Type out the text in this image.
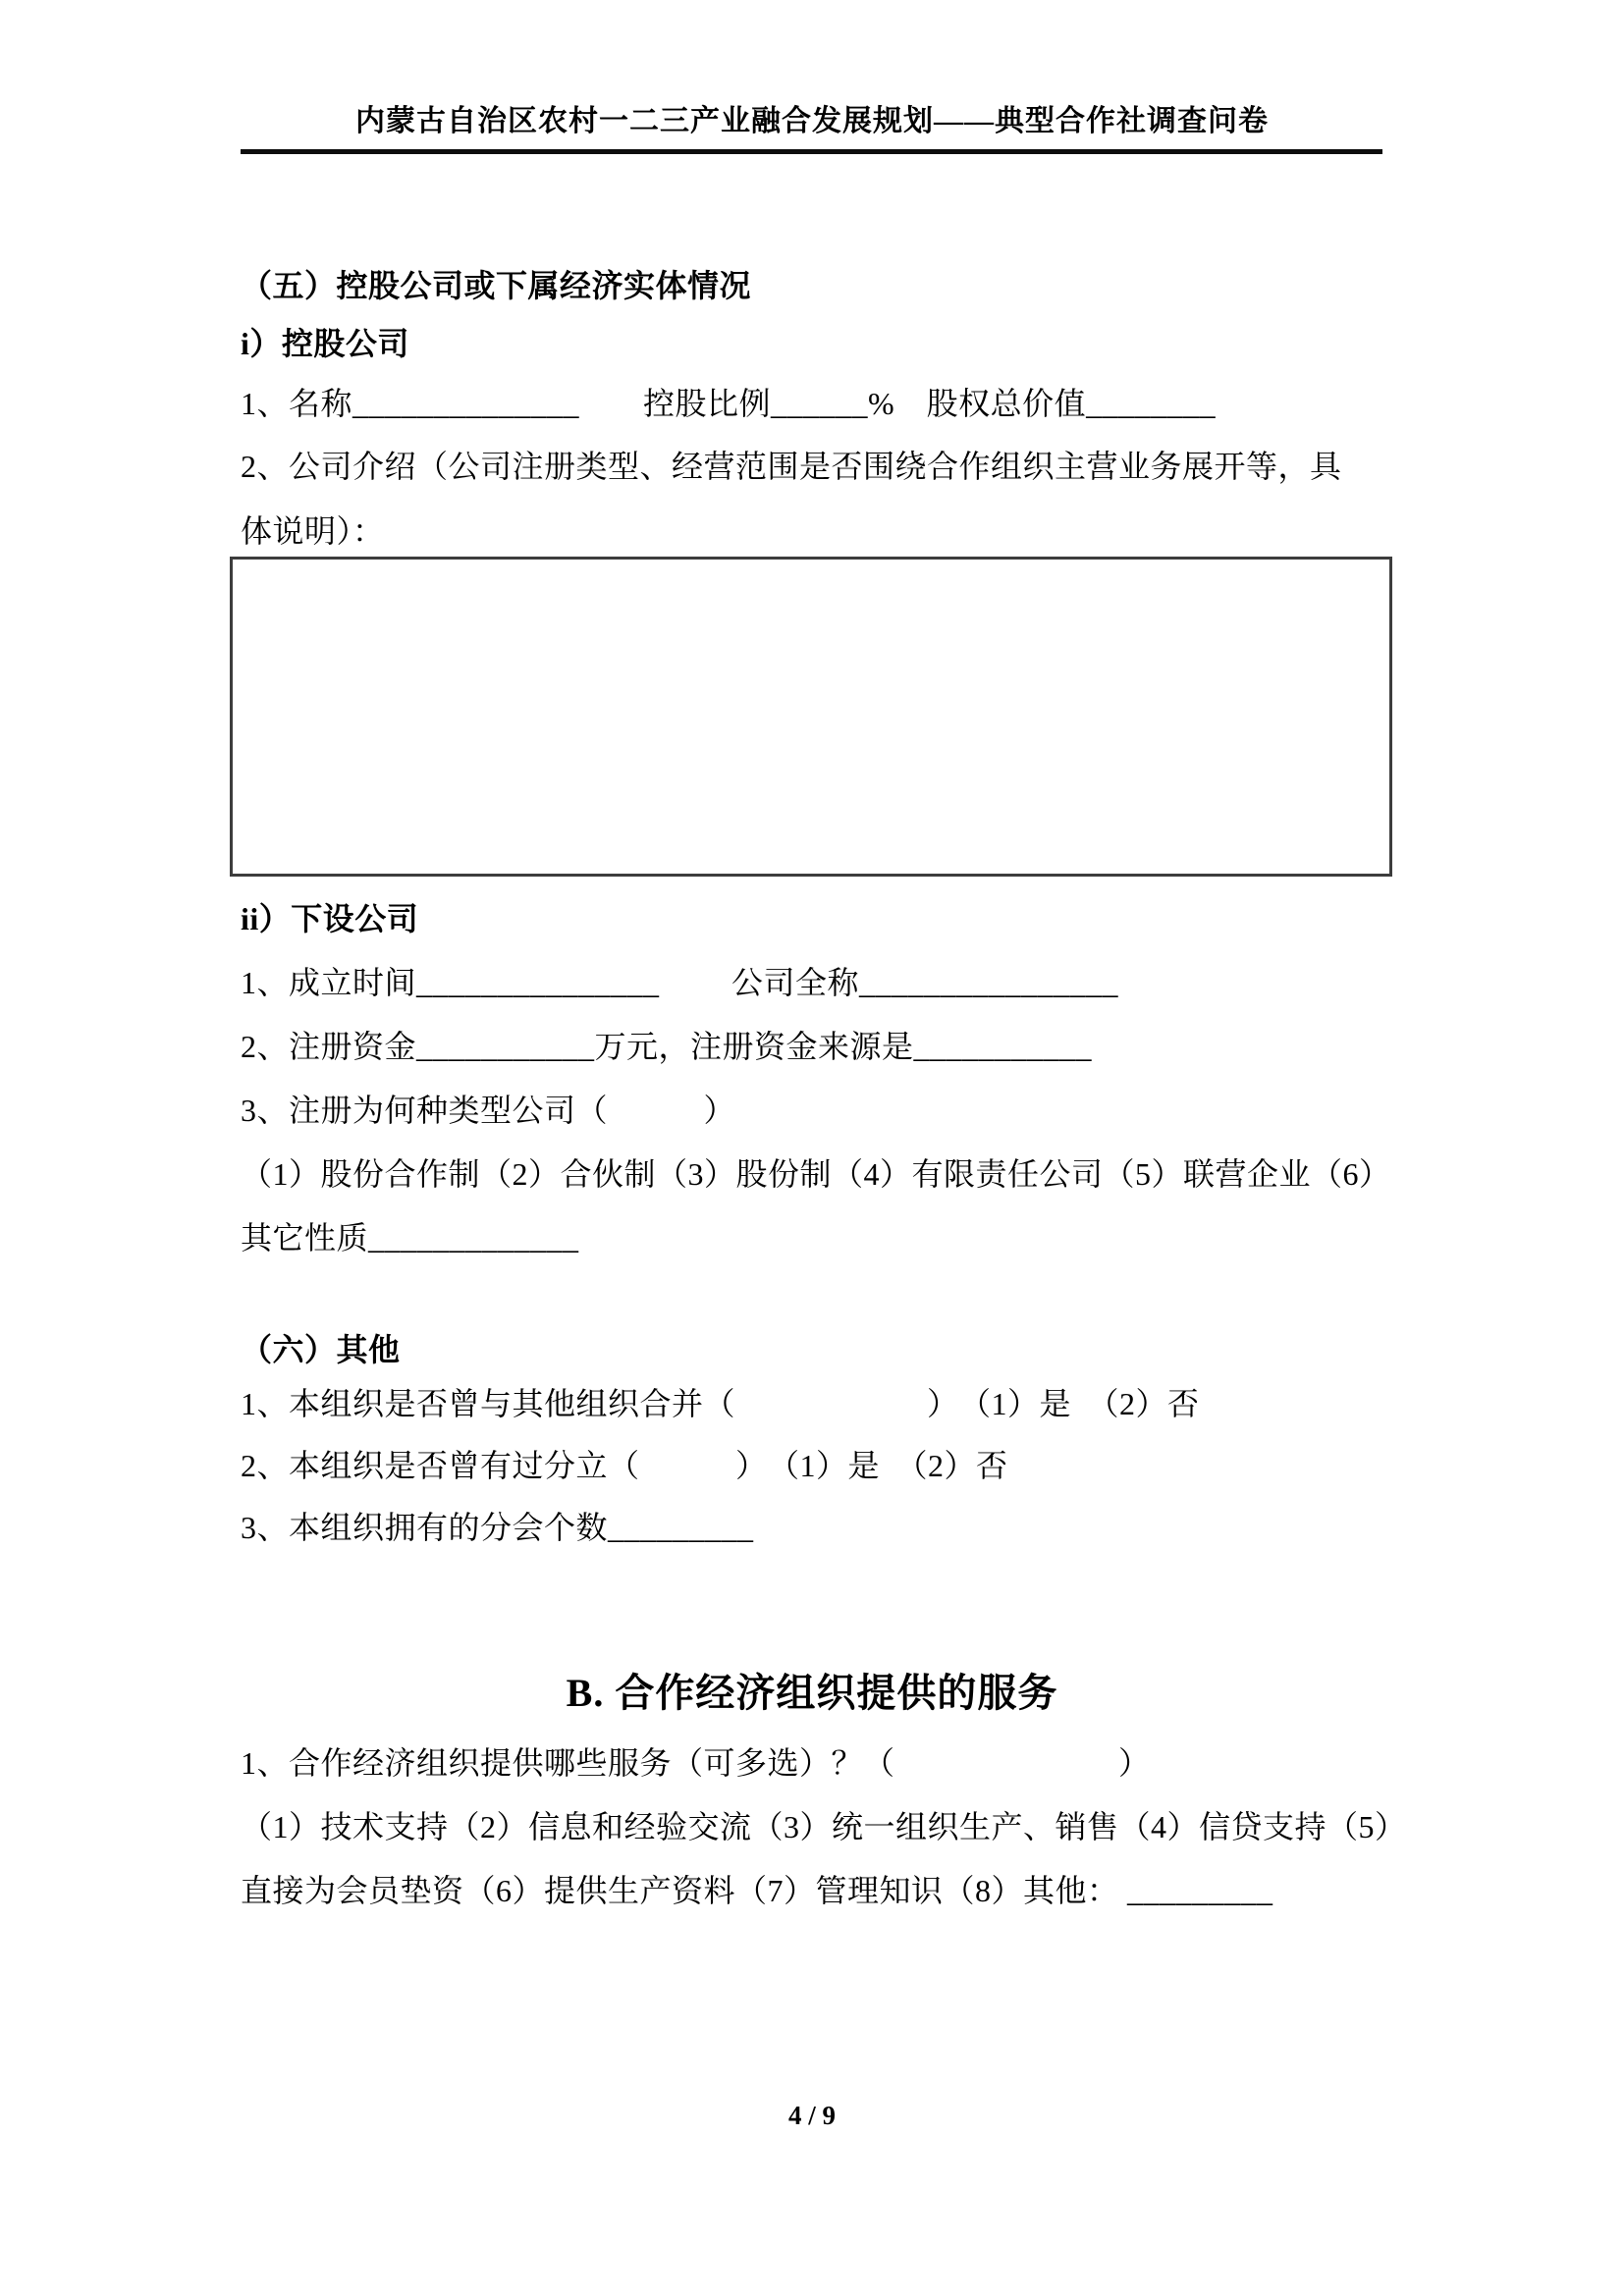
内蒙古自治区农村一二三产业融合发展规划——典型合作社调查问卷
（五）控股公司或下属经济实体情况
i）控股公司
1、名称______________　　控股比例______%　股权总价值________
2、公司介绍（公司注册类型、经营范围是否围绕合作组织主营业务展开等，具
体说明）：
ii）下设公司
1、成立时间_______________　　 公司全称________________
2、注册资金___________万元，注册资金来源是___________
3、注册为何种类型公司（　　　）
（1）股份合作制（2）合伙制（3）股份制（4）有限责任公司（5）联营企业（6）
其它性质_____________
（六）其他
1、本组织是否曾与其他组织合并（　　　　　　）　（1）是　（2）否
2、本组织是否曾有过分立（　　　）　（1）是　（2）否
3、本组织拥有的分会个数_________
B. 合作经济组织提供的服务
1、合作经济组织提供哪些服务（可多选）？（　　　　　　　）
（1）技术支持（2）信息和经验交流（3）统一组织生产、销售（4）信贷支持（5）
直接为会员垫资（6）提供生产资料（7）管理知识（8）其他： _________
4 / 9
